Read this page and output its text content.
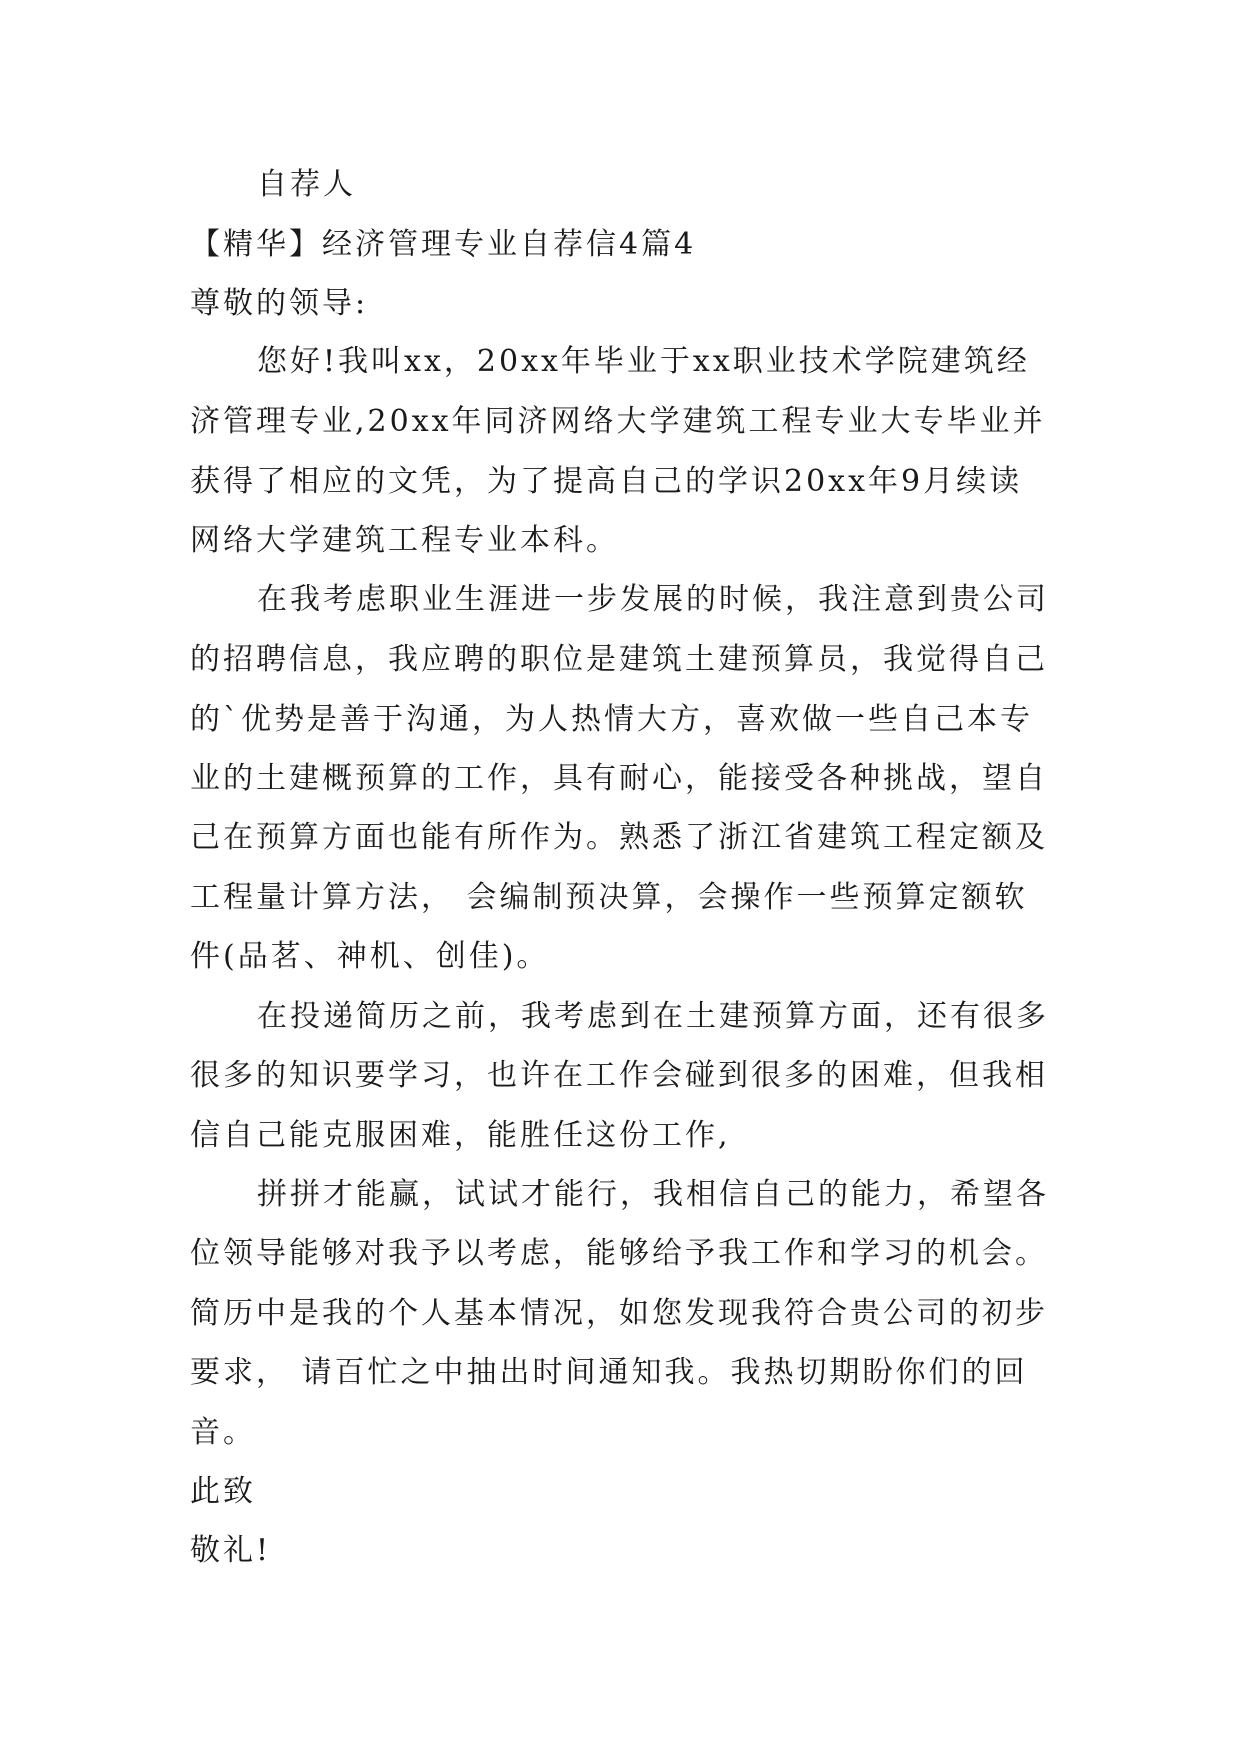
自荐人
【精华】经济管理专业自荐信4篇4
尊敬的领导:
您好!我叫xx，20xx年毕业于xx职业技术学院建筑经
济管理专业,20xx年同济网络大学建筑工程专业大专毕业并
获得了相应的文凭，为了提高自己的学识20xx年9月续读
网络大学建筑工程专业本科。
在我考虑职业生涯进一步发展的时候，我注意到贵公司
的招聘信息，我应聘的职位是建筑土建预算员，我觉得自己
的`优势是善于沟通，为人热情大方，喜欢做一些自己本专
业的土建概预算的工作，具有耐心，能接受各种挑战，望自
己在预算方面也能有所作为。熟悉了浙江省建筑工程定额及
工程量计算方法， 会编制预决算，会操作一些预算定额软
件(品茗、神机、创佳)。
在投递简历之前，我考虑到在土建预算方面，还有很多
很多的知识要学习，也许在工作会碰到很多的困难，但我相
信自己能克服困难，能胜任这份工作,
拼拼才能赢，试试才能行，我相信自己的能力，希望各
位领导能够对我予以考虑，能够给予我工作和学习的机会。
简历中是我的个人基本情况，如您发现我符合贵公司的初步
要求， 请百忙之中抽出时间通知我。我热切期盼你们的回
音。
此致
敬礼!
